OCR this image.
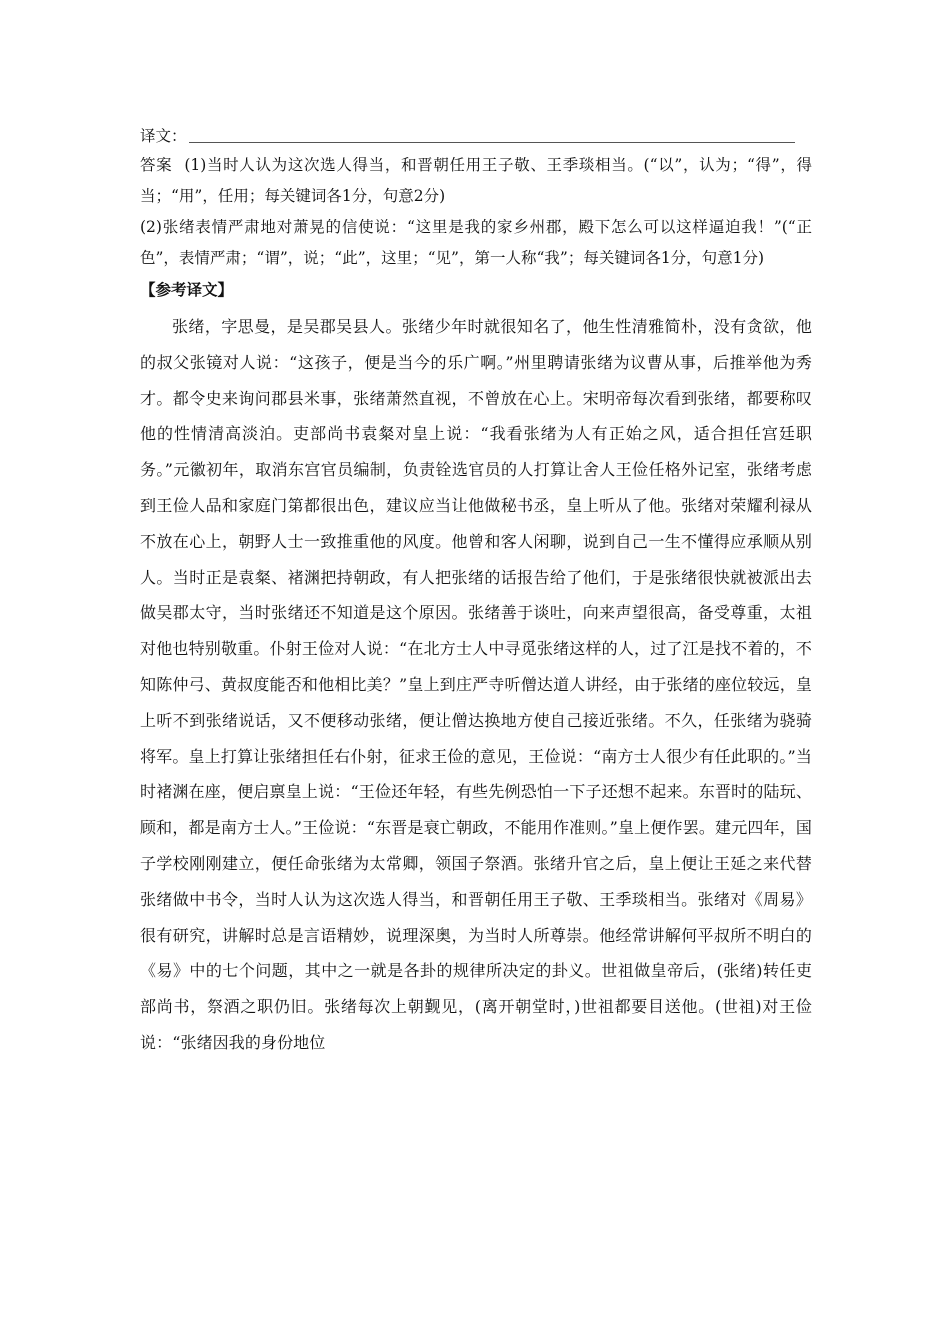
译文：

答案 (1)当时人认为这次选人得当，和晋朝任用王子敬、王季琰相当。(“以”，认为；“得”，得当；“用”，任用；每关键词各1分，句意2分)

(2)张绪表情严肃地对萧晃的信使说：“这里是我的家乡州郡，殿下怎么可以这样逼迫我！”(“正色”，表情严肃；“谓”，说；“此”，这里；“见”，第一人称“我”；每关键词各1分，句意1分)

【参考译文】

张绪，字思曼，是吴郡吴县人。张绪少年时就很知名了，他生性清雅简朴，没有贪欲，他的叔父张镜对人说：“这孩子，便是当今的乐广啊。”州里聘请张绪为议曹从事，后推举他为秀才。都令史来询问郡县米事，张绪萧然直视，不曾放在心上。宋明帝每次看到张绪，都要称叹他的性情清高淡泊。吏部尚书袁粲对皇上说：“我看张绪为人有正始之风，适合担任宫廷职务。”元徽初年，取消东宫官员编制，负责铨选官员的人打算让舍人王俭任格外记室，张绪考虑到王俭人品和家庭门第都很出色，建议应当让他做秘书丞，皇上听从了他。张绪对荣耀利禄从不放在心上，朝野人士一致推重他的风度。他曾和客人闲聊，说到自己一生不懂得应承顺从别人。当时正是袁粲、褚渊把持朝政，有人把张绪的话报告给了他们，于是张绪很快就被派出去做吴郡太守，当时张绪还不知道是这个原因。张绪善于谈吐，向来声望很高，备受尊重，太祖对他也特别敬重。仆射王俭对人说：“在北方士人中寻觅张绪这样的人，过了江是找不着的，不知陈仲弓、黄叔度能否和他相比美？”皇上到庄严寺听僧达道人讲经，由于张绪的座位较远，皇上听不到张绪说话，又不便移动张绪，便让僧达换地方使自己接近张绪。不久，任张绪为骁骑将军。皇上打算让张绪担任右仆射，征求王俭的意见，王俭说：“南方士人很少有任此职的。”当时褚渊在座，便启禀皇上说：“王俭还年轻，有些先例恐怕一下子还想不起来。东晋时的陆玩、顾和，都是南方士人。”王俭说：“东晋是衰亡朝政，不能用作准则。”皇上便作罢。建元四年，国子学校刚刚建立，便任命张绪为太常卿，领国子祭酒。张绪升官之后，皇上便让王延之来代替张绪做中书令，当时人认为这次选人得当，和晋朝任用王子敬、王季琰相当。张绪对《周易》很有研究，讲解时总是言语精妙，说理深奥，为当时人所尊崇。他经常讲解何平叔所不明白的《易》中的七个问题，其中之一就是各卦的规律所决定的卦义。世祖做皇帝后，(张绪)转任吏部尚书，祭酒之职仍旧。张绪每次上朝觐见，(离开朝堂时，)世祖都要目送他。(世祖)对王俭说：“张绪因我的身份地位
